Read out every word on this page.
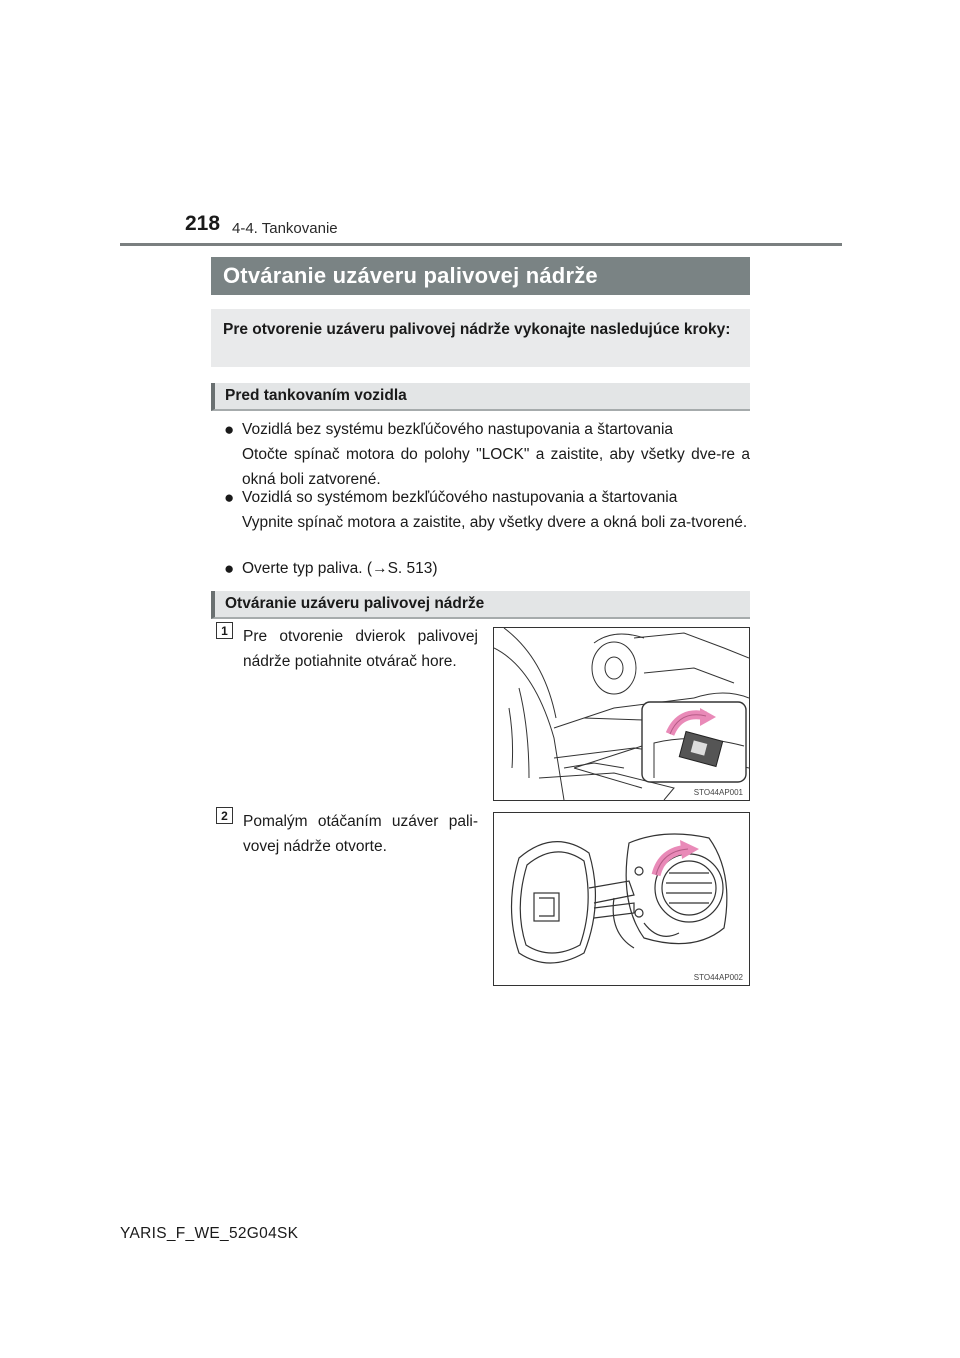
218 4-4. Tankovanie
Otváranie uzáveru palivovej nádrže
Pre otvorenie uzáveru palivovej nádrže vykonajte nasledujúce kroky:
Pred tankovaním vozidla
● Vozidlá bez systému bezkľúčového nastupovania a štartovania
Otočte spínač motora do polohy "LOCK" a zaistite, aby všetky dve-re a okná boli zatvorené.
● Vozidlá so systémom bezkľúčového nastupovania a štartovania
Vypnite spínač motora a zaistite, aby všetky dvere a okná boli za-tvorené.
● Overte typ paliva. (→S. 513)
Otváranie uzáveru palivovej nádrže
1 Pre otvorenie dvierok palivovej nádrže potiahnite otvárač hore.
STO44AP001
2 Pomalým otáčaním uzáver pali-vovej nádrže otvorte.
STO44AP002
YARIS_F_WE_52G04SK
